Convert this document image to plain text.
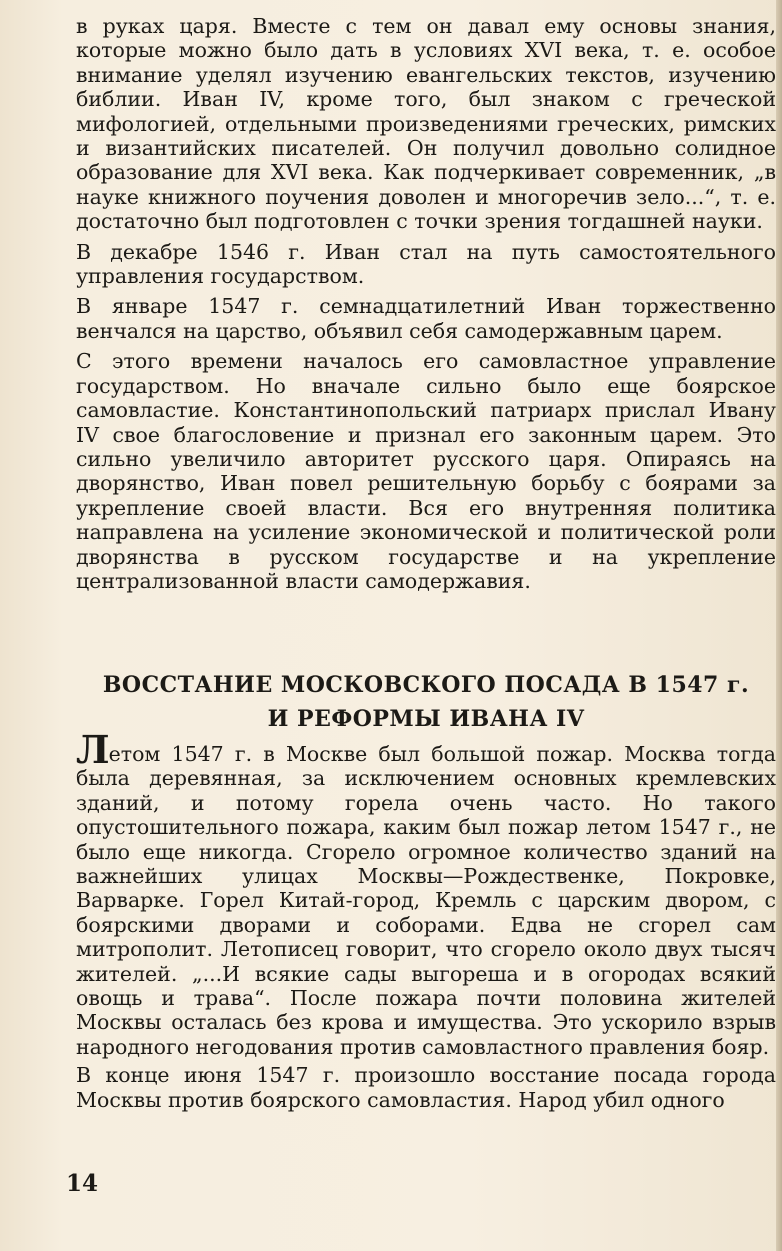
в руках царя. Вместе с тем он давал ему основы знания, которые можно было дать в условиях XVI века, т. е. особое внимание уделял изучению евангельских текстов, изучению библии. Иван IV, кроме того, был знаком с греческой мифологией, отдельными произведениями греческих, римских и византийских писателей. Он получил довольно солидное образование для XVI века. Как подчеркивает современник, „в науке книжного поучения доволен и многоречив зело...“, т. е. достаточно был подготовлен с точки зрения тогдашней науки.

В декабре 1546 г. Иван стал на путь самостоятельного управления государством.

В январе 1547 г. семнадцатилетний Иван торжественно венчался на царство, объявил себя самодержавным царем.

С этого времени началось его самовластное управление государством. Но вначале сильно было еще боярское самовластие. Константинопольский патриарх прислал Ивану IV свое благословение и признал его законным царем. Это сильно увеличило авторитет русского царя. Опираясь на дворянство, Иван повел решительную борьбу с боярами за укрепление своей власти. Вся его внутренняя политика направлена на усиление экономической и политической роли дворянства в русском государстве и на укрепление централизованной власти самодержавия.

ВОССТАНИЕ МОСКОВСКОГО ПОСАДА В 1547 г.
И РЕФОРМЫ ИВАНА IV

Летом 1547 г. в Москве был большой пожар. Москва тогда была деревянная, за исключением основных кремлевских зданий, и потому горела очень часто. Но такого опустошительного пожара, каким был пожар летом 1547 г., не было еще никогда. Сгорело огромное количество зданий на важнейших улицах Москвы—Рождественке, Покровке, Варварке. Горел Китай-город, Кремль с царским двором, с боярскими дворами и соборами. Едва не сгорел сам митрополит. Летописец говорит, что сгорело около двух тысяч жителей. „...И всякие сады выгореша и в огородах всякий овощь и трава“. После пожара почти половина жителей Москвы осталась без крова и имущества. Это ускорило взрыв народного негодования против самовластного правления бояр.

В конце июня 1547 г. произошло восстание посада города Москвы против боярского самовластия. Народ убил одного

14
